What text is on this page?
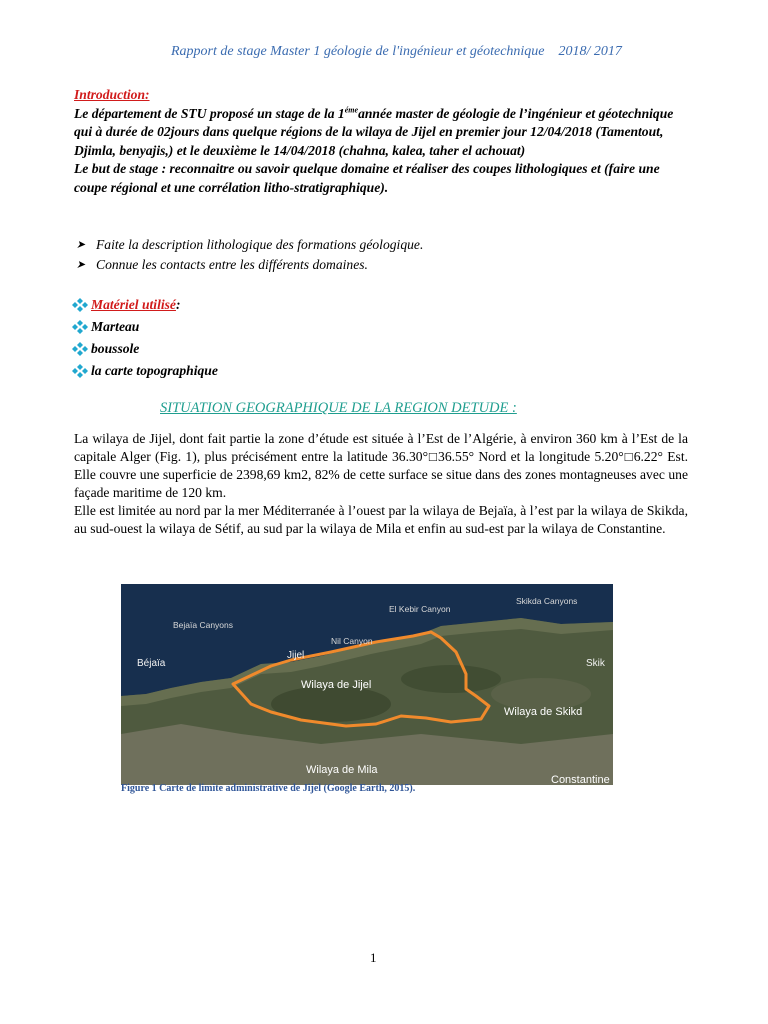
Rapport de stage Master 1 géologie de l'ingénieur et géotechnique 2018/ 2017

Introduction:

Le département de STU proposé un stage de la $1^{éme}année$ master de géologie de l’ingénieur et géotechnique qui à durée de 02jours dans quelque régions de la wilaya de Jijel en premier jour 12/04/2018 (Tamentout, Djimla, benyajis,) et le deuxième le 14/04/2018 (chahna, kalea, taher el achouat)

Le but de stage : reconnaitre ou savoir quelque domaine et réaliser des coupes lithologiques et (faire une coupe régional et une corrélation litho-stratigraphique).

➤ Faite la description lithologique des formations géologique.
➤ Connue les contacts entre les différents domaines.
Matériel utilisé :
Marteau
boussole
la carte topographique
SITUATION GEOGRAPHIQUE DE LA REGION DETUDE :

La wilaya de Jijel, dont fait partie la zone d’étude est située à l’Est de l’Algérie, à environ 360 km à l’Est de la capitale Alger (Fig. 1), plus précisément entre la latitude 36.30°□36.55° Nord et la longitude 5.20°□6.22° Est. Elle couvre une superficie de 2398,69 km2, 82% de cette surface se situe dans des zones montagneuses avec une façade maritime de 120 km.

Elle est limitée au nord par la mer Méditerranée à l’ouest par la wilaya de Bejaïa, à l’est par la wilaya de Skikda, au sud-ouest la wilaya de Sétif, au sud par la wilaya de Mila et enfin au sud-est par la wilaya de Constantine.

Bejaïa Canyons
El Kebir Canyon
Skikda Canyons
Nil Canyon
Béjaïa
Jijel
Skik
Wilaya de Jijel
Wilaya de Skikd
Wilaya de Mila
Constantine
Figure 1 Carte de limite administrative de Jijel (Google Earth, 2015).
1
